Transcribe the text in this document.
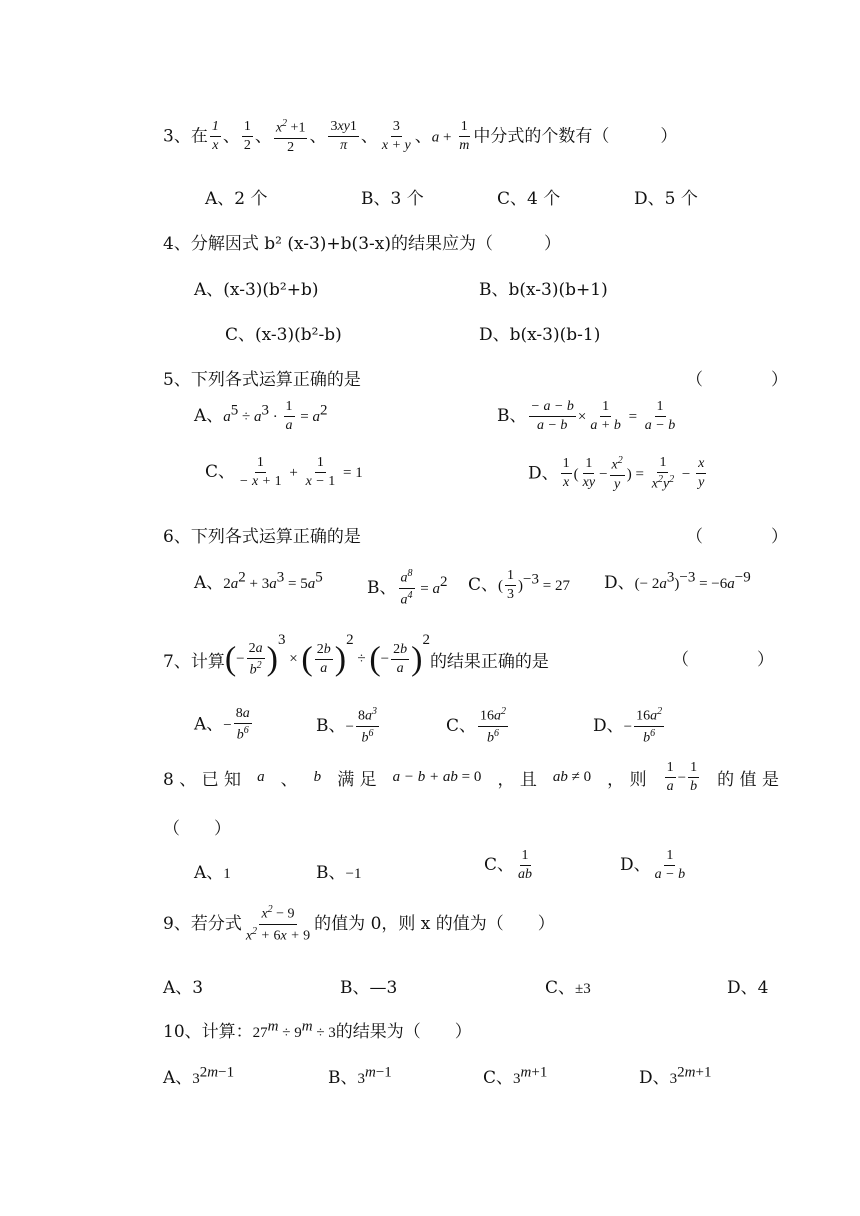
3、在 $\frac{1}{x}$ 、 $\frac{1}{2}$ 、 $\frac{x^2 +1}{2}$ 、 $\frac{3xy1}{\pi}$ 、 $\frac{3}{x + y}$ 、$a + \frac{1}{m}$ 中分式的个数有（　　　）
A、2 个	B、3 个	C、4 个	D、5 个
4、分解因式 b² (x-3)+b(3-x)的结果应为（　　　）
A、(x-3)(b²+b)	B、b(x-3)(b+1)
C、(x-3)(b²-b)	D、b(x-3)(b-1)
5、下列各式运算正确的是	（　　　　）
A、$a^5 \div a^3 \cdot \frac{1}{a} = a^2$	B、 $\frac{- a - b}{a - b} \times \frac{1}{a + b} = \frac{1}{a - b}$
C、 $\frac{1}{- x + 1} + \frac{1}{x - 1} = 1$	D、 $\frac{1}{x}$ ( $\frac{1}{xy} - \frac{x^2}{y}$ ) = $\frac{1}{x^2y^2} - \frac{x}{y}$
6、下列各式运算正确的是	（　　　　）
A、$2a^2 + 3a^3 = 5a^5$
B、 $\frac{a^8}{a^4} = a^2$ C、( $\frac{1}{3} )^{-3} = 27$ D、(− $2a^3)^{-3} = -6a^{-9}$
7、计算(− $\frac{2a}{b^2} )^3$ × ( $\frac{2b}{a} )^2$ ÷ (− $\frac{2b}{a} )^2$的结果正确的是	（　　　　）
A、− $\frac{8a}{b^6}$	B、− $\frac{8a^3}{b^6}$	C、 $\frac{16a^2}{b^6}$	D、− $\frac{16a^2}{b^6}$
8 、 已 知 a 、 b 满 足 a − b + ab = 0 ， 且 ab ≠ 0 ， 则 $\frac{1}{a} - \frac{1}{b}$ 的 值 是
（　　）
A、1	B、−1	C、 $\frac{1}{ab}$	D、 $\frac{1}{a - b}$
9、若分式 $\frac{x^2 - 9}{x^2 + 6x + 9}$ 的值为 0，则 x 的值为（　　）
A、3	B、—3	C、±3	D、4
10、计算：$27^m \div 9^m \div 3$的结果为（　　）
A、$3^{2m-1}$	B、$3^{m-1}$	C、$3^{m+1}$	D、$3^{2m+1}$
